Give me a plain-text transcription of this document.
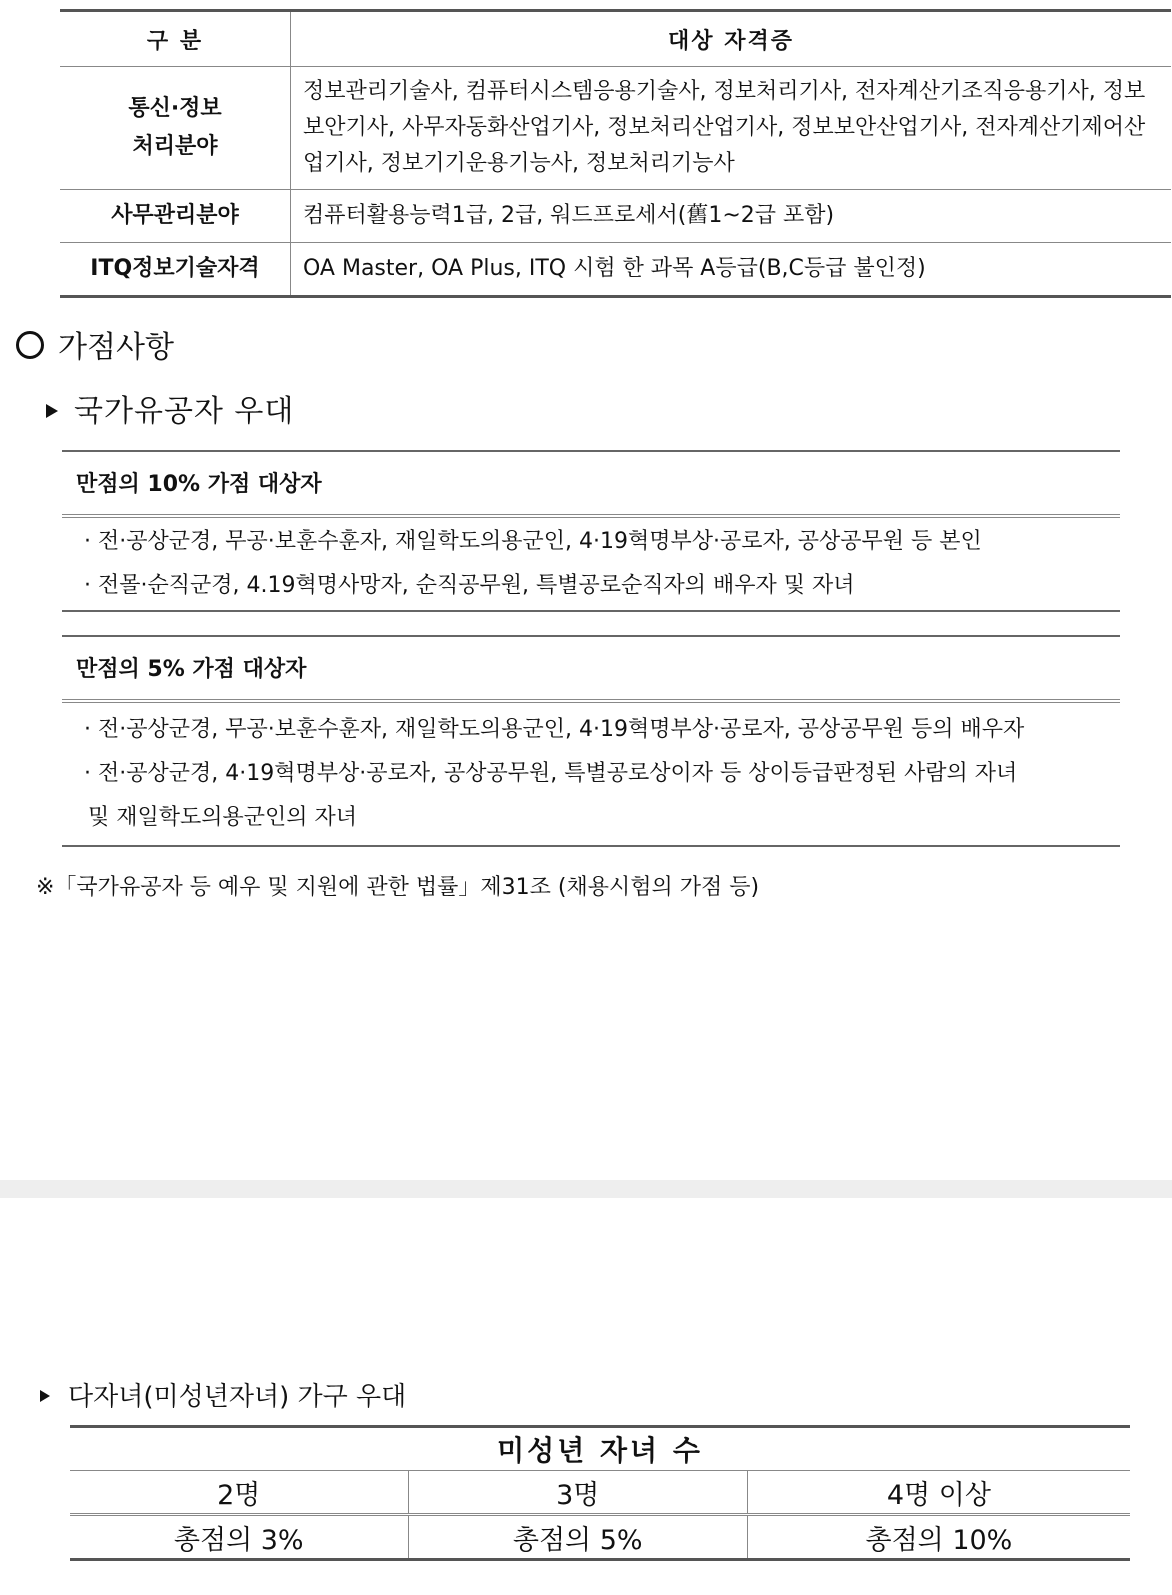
구 분	대상 자격증

통신·정보
처리분야	정보관리기술사, 컴퓨터시스템응용기술사, 정보처리기사, 전자계산기조직응용기사, 정보보안기사, 사무자동화산업기사, 정보처리산업기사, 정보보안산업기사, 전자계산기제어산업기사, 정보기기운용기능사, 정보처리기능사
사무관리분야	컴퓨터활용능력1급, 2급, 워드프로세서(舊1~2급 포함)
ITQ정보기술자격	OA Master, OA Plus, ITQ 시험 한 과목 A등급(B,C등급 불인정)
가점사항
국가유공자 우대
만점의 10% 가점 대상자

· 전·공상군경, 무공·보훈수훈자, 재일학도의용군인, 4·19혁명부상·공로자, 공상공무원 등 본인

· 전몰·순직군경, 4.19혁명사망자, 순직공무원, 특별공로순직자의 배우자 및 자녀

만점의 5% 가점 대상자

· 전·공상군경, 무공·보훈수훈자, 재일학도의용군인, 4·19혁명부상·공로자, 공상공무원 등의 배우자

· 전·공상군경, 4·19혁명부상·공로자, 공상공무원, 특별공로상이자 등 상이등급판정된 사람의 자녀

및 재일학도의용군인의 자녀

※「국가유공자 등 예우 및 지원에 관한 법률」제31조 (채용시험의 가점 등)
다자녀(미성년자녀) 가구 우대
미성년 자녀 수		
2명	3명	4명 이상
총점의 3%	총점의 5%	총점의 10%
